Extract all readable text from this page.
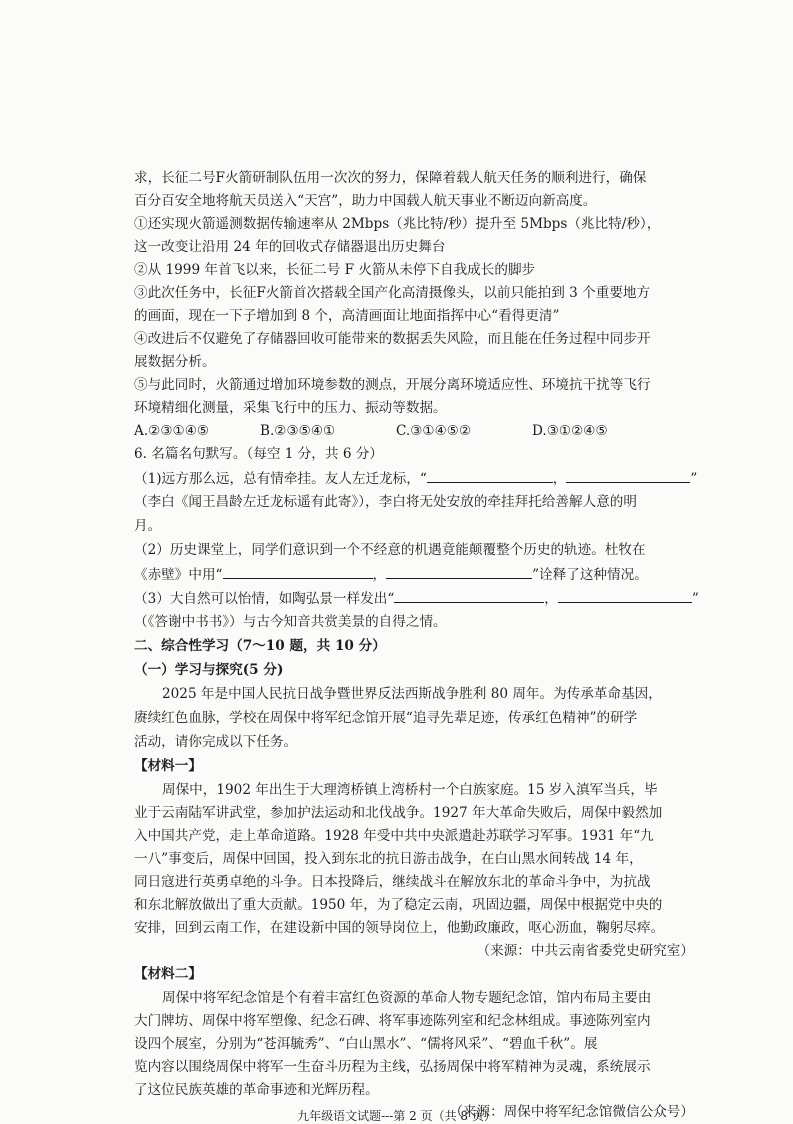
求，长征二号F火箭研制队伍用一次次的努力，保障着载人航天任务的顺利进行，确保
百分百安全地将航天员送入“天宫”，助力中国载人航天事业不断迈向新高度。
①还实现火箭遥测数据传输速率从 2Mbps（兆比特/秒）提升至 5Mbps（兆比特/秒），
这一改变让沿用 24 年的回收式存储器退出历史舞台
②从 1999 年首飞以来，长征二号 F 火箭从未停下自我成长的脚步
③此次任务中，长征F火箭首次搭载全国产化高清摄像头，以前只能拍到 3 个重要地方
的画面，现在一下子增加到 8 个，高清画面让地面指挥中心“看得更清”
④改进后不仅避免了存储器回收可能带来的数据丢失风险，而且能在任务过程中同步开
展数据分析。
⑤与此同时，火箭通过增加环境参数的测点，开展分离环境适应性、环境抗干扰等飞行
环境精细化测量，采集飞行中的压力、振动等数据。
A.②③①④⑤	B.②③⑤④①	C.③①④⑤②	D.③①②④⑤
6. 名篇名句默写。（每空 1 分，共 6 分）
（1)远方那么远，总有情牵挂。友人左迁龙标，“	，	”
（李白《闻王昌龄左迁龙标遥有此寄》），李白将无处安放的牵挂拜托给善解人意的明
月。
（2）历史课堂上，同学们意识到一个不经意的机遇竟能颠覆整个历史的轨迹。杜牧在
《赤壁》中用“	，	”诠释了这种情况。
（3）大自然可以怡情，如陶弘景一样发出“	，	”
（《答谢中书书》）与古今知音共赏美景的自得之情。
二、综合性学习（7～10 题，共 10 分）
（一）学习与探究(5 分)
2025 年是中国人民抗日战争暨世界反法西斯战争胜利 80 周年。为传承革命基因，
赓续红色血脉，学校在周保中将军纪念馆开展“追寻先辈足迹，传承红色精神”的研学
活动，请你完成以下任务。
【材料一】
周保中，1902 年出生于大理湾桥镇上湾桥村一个白族家庭。15 岁入滇军当兵，毕
业于云南陆军讲武堂，参加护法运动和北伐战争。1927 年大革命失败后，周保中毅然加
入中国共产党，走上革命道路。1928 年受中共中央派遣赴苏联学习军事。1931 年“九
一八”事变后，周保中回国，投入到东北的抗日游击战争，在白山黑水间转战 14 年，
同日寇进行英勇卓绝的斗争。日本投降后，继续战斗在解放东北的革命斗争中，为抗战
和东北解放做出了重大贡献。1950 年，为了稳定云南，巩固边疆，周保中根据党中央的
安排，回到云南工作，在建设新中国的领导岗位上，他勤政廉政，呕心沥血，鞠躬尽瘁。
（来源：中共云南省委党史研究室）
【材料二】
周保中将军纪念馆是个有着丰富红色资源的革命人物专题纪念馆，馆内布局主要由
大门牌坊、周保中将军塑像、纪念石碑、将军事迹陈列室和纪念林组成。事迹陈列室内
设四个展室，分别为“苍洱毓秀”、“白山黑水”、“儒将风采”、“碧血千秋”。展
览内容以围绕周保中将军一生奋斗历程为主线，弘扬周保中将军精神为灵魂，系统展示
了这位民族英雄的革命事迹和光辉历程。
（来源：周保中将军纪念馆微信公众号）
九年级语文试题---第 2 页（共 8 页）
